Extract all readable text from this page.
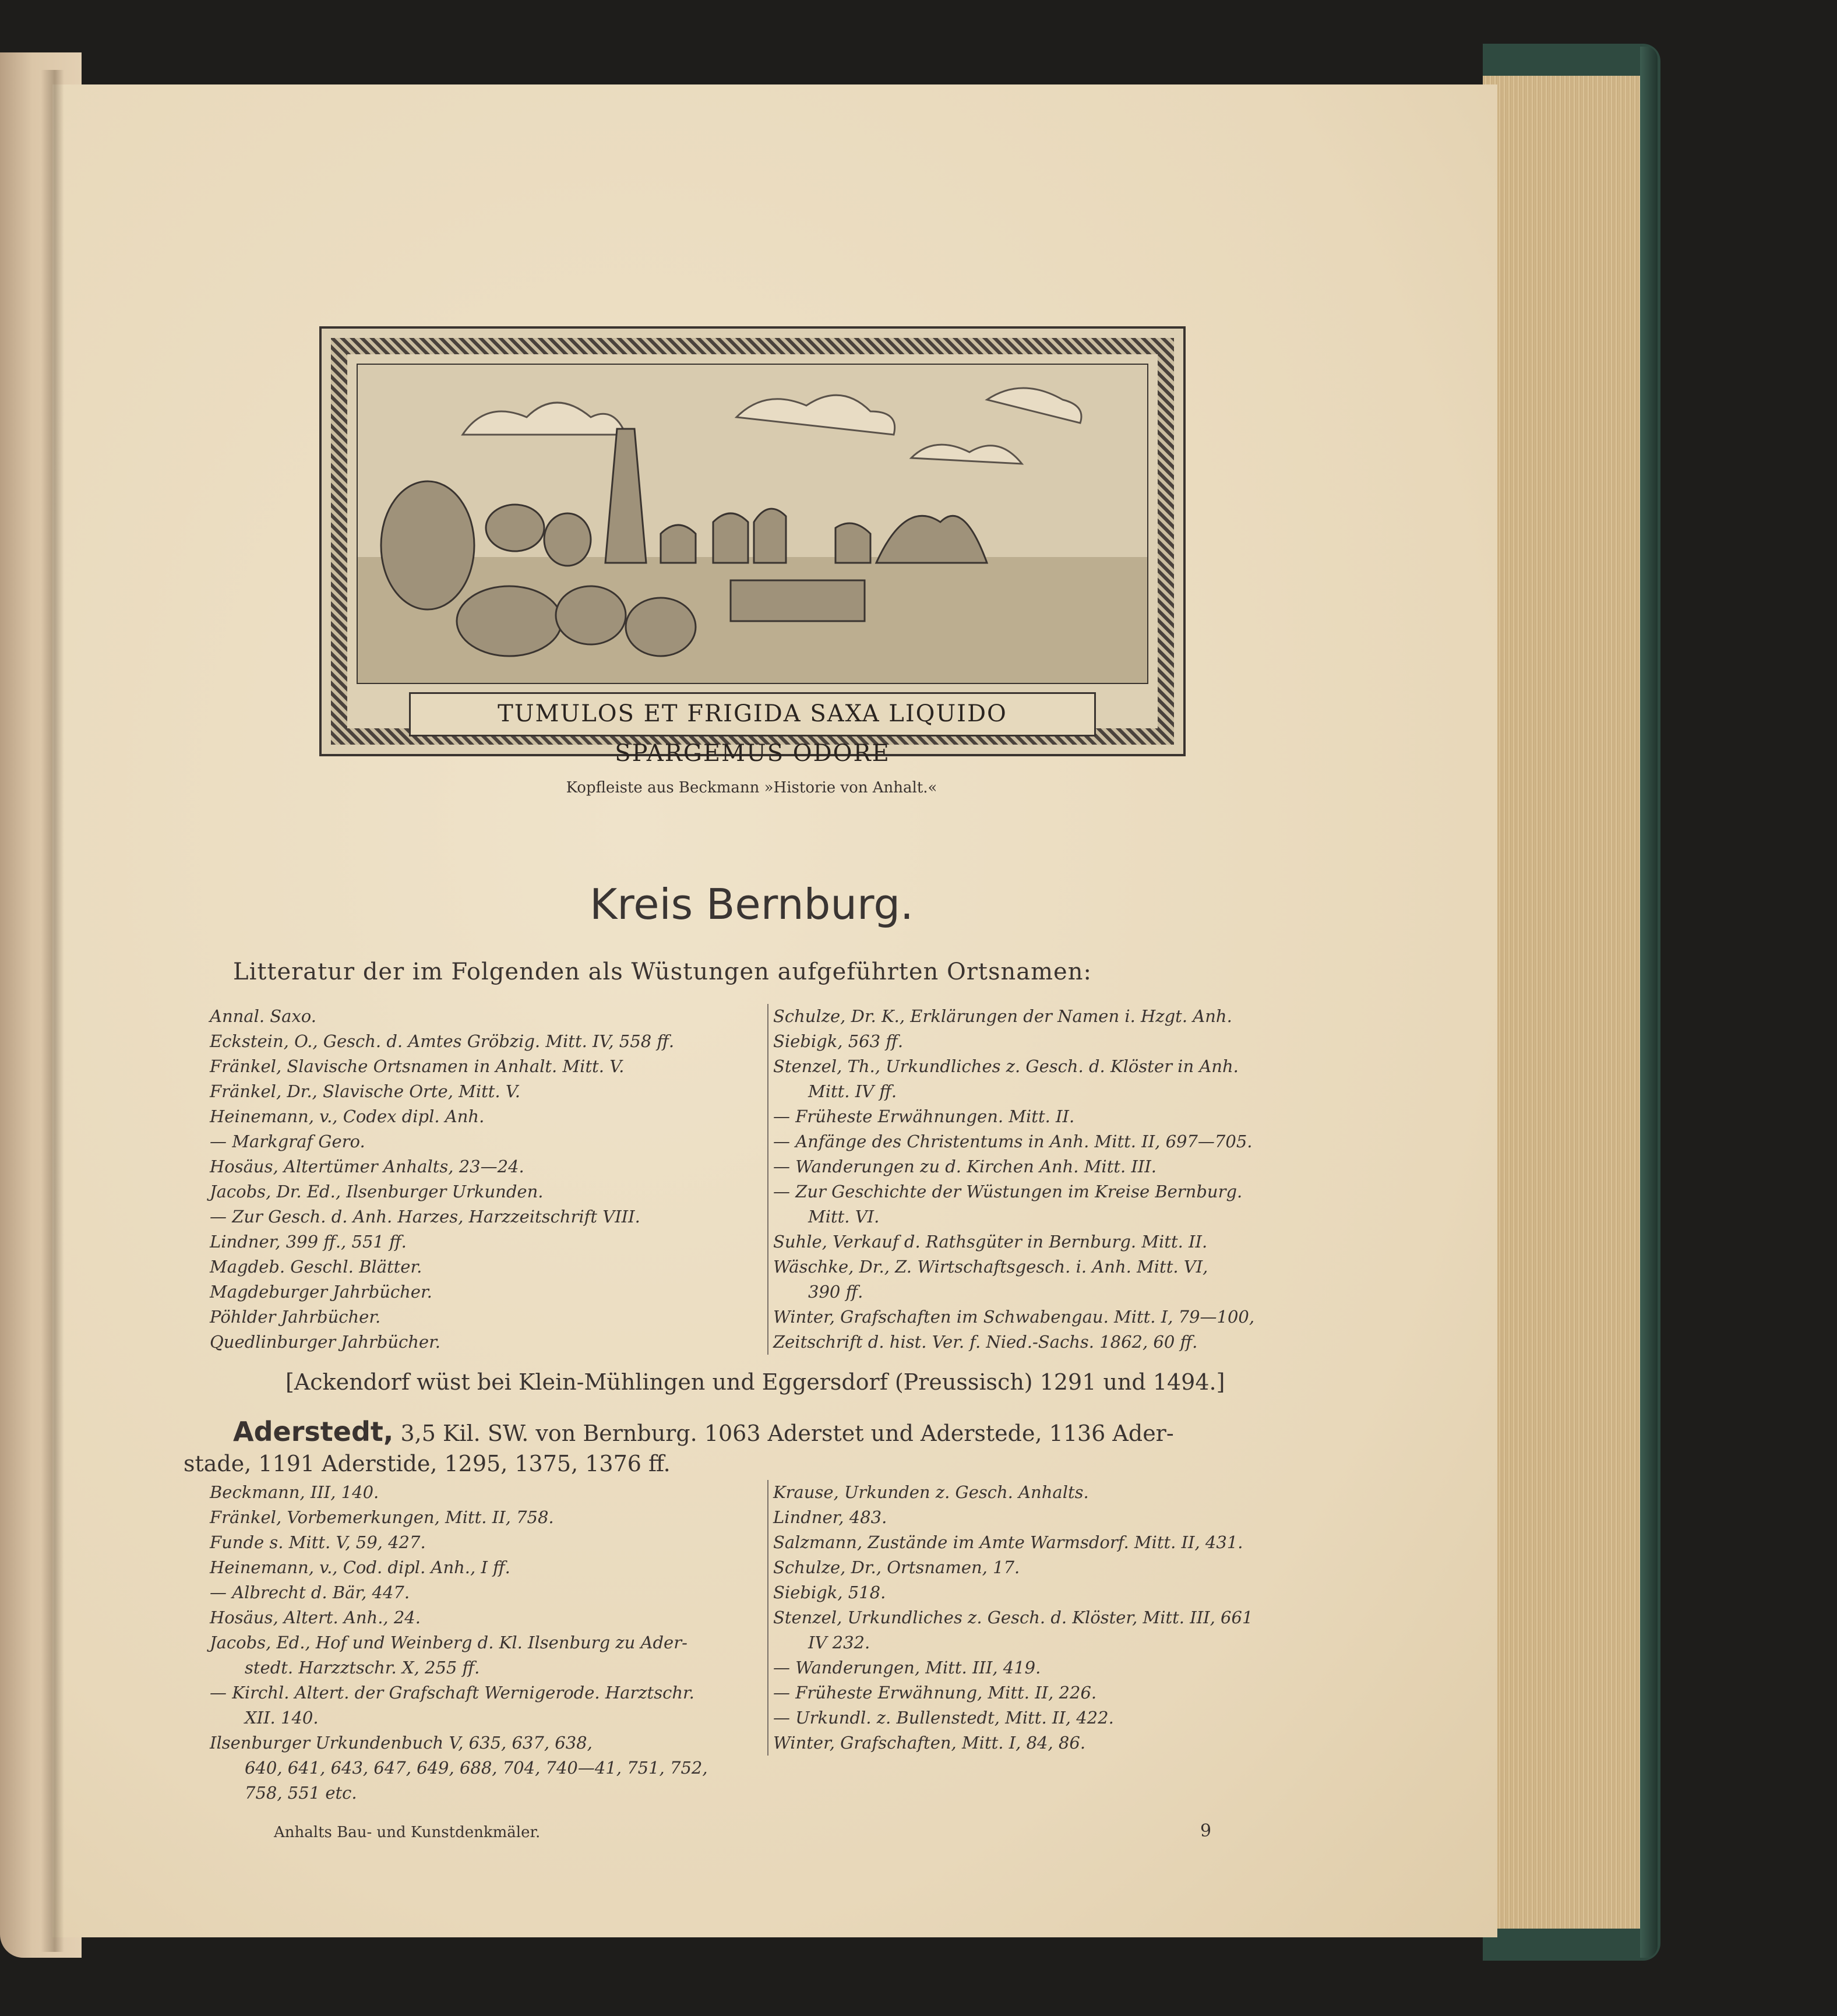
TUMULOS ET FRIGIDA SAXA LIQUIDO SPARGEMUS ODORE
Kopfleiste aus Beckmann »Historie von Anhalt.«
Kreis Bernburg.
Litteratur der im Folgenden als Wüstungen aufgeführten Ortsnamen:
Annal. Saxo.
Eckstein, O., Gesch. d. Amtes Gröbzig. Mitt. IV, 558 ff.
Fränkel, Slavische Ortsnamen in Anhalt. Mitt. V.
Fränkel, Dr., Slavische Orte, Mitt. V.
Heinemann, v., Codex dipl. Anh.
— Markgraf Gero.
Hosäus, Altertümer Anhalts, 23—24.
Jacobs, Dr. Ed., Ilsenburger Urkunden.
— Zur Gesch. d. Anh. Harzes, Harzzeitschrift VIII.
Lindner, 399 ff., 551 ff.
Magdeb. Geschl. Blätter.
Magdeburger Jahrbücher.
Pöhlder Jahrbücher.
Quedlinburger Jahrbücher.
Schulze, Dr. K., Erklärungen der Namen i. Hzgt. Anh.
Siebigk, 563 ff.
Stenzel, Th., Urkundliches z. Gesch. d. Klöster in Anh.
Mitt. IV ff.
— Früheste Erwähnungen. Mitt. II.
— Anfänge des Christentums in Anh. Mitt. II, 697—705.
— Wanderungen zu d. Kirchen Anh. Mitt. III.
— Zur Geschichte der Wüstungen im Kreise Bernburg.
Mitt. VI.
Suhle, Verkauf d. Rathsgüter in Bernburg. Mitt. II.
Wäschke, Dr., Z. Wirtschaftsgesch. i. Anh. Mitt. VI,
390 ff.
Winter, Grafschaften im Schwabengau. Mitt. I, 79—100,
Zeitschrift d. hist. Ver. f. Nied.-Sachs. 1862, 60 ff.
[Ackendorf wüst bei Klein-Mühlingen und Eggersdorf (Preussisch) 1291 und 1494.]
Aderstedt, 3,5 Kil. SW. von Bernburg. 1063 Aderstet und Aderstede, 1136 Ader-
stade, 1191 Aderstide, 1295, 1375, 1376 ff.
Beckmann, III, 140.
Fränkel, Vorbemerkungen, Mitt. II, 758.
Funde s. Mitt. V, 59, 427.
Heinemann, v., Cod. dipl. Anh., I ff.
— Albrecht d. Bär, 447.
Hosäus, Altert. Anh., 24.
Jacobs, Ed., Hof und Weinberg d. Kl. Ilsenburg zu Ader-
stedt. Harzztschr. X, 255 ff.
— Kirchl. Altert. der Grafschaft Wernigerode. Harztschr.
XII. 140.
Ilsenburger Urkundenbuch V, 635, 637, 638,
640, 641, 643, 647, 649, 688, 704, 740—41, 751, 752,
758, 551 etc.
Krause, Urkunden z. Gesch. Anhalts.
Lindner, 483.
Salzmann, Zustände im Amte Warmsdorf. Mitt. II, 431.
Schulze, Dr., Ortsnamen, 17.
Siebigk, 518.
Stenzel, Urkundliches z. Gesch. d. Klöster, Mitt. III, 661
IV 232.
— Wanderungen, Mitt. III, 419.
— Früheste Erwähnung, Mitt. II, 226.
— Urkundl. z. Bullenstedt, Mitt. II, 422.
Winter, Grafschaften, Mitt. I, 84, 86.
Anhalts Bau- und Kunstdenkmäler.	9
